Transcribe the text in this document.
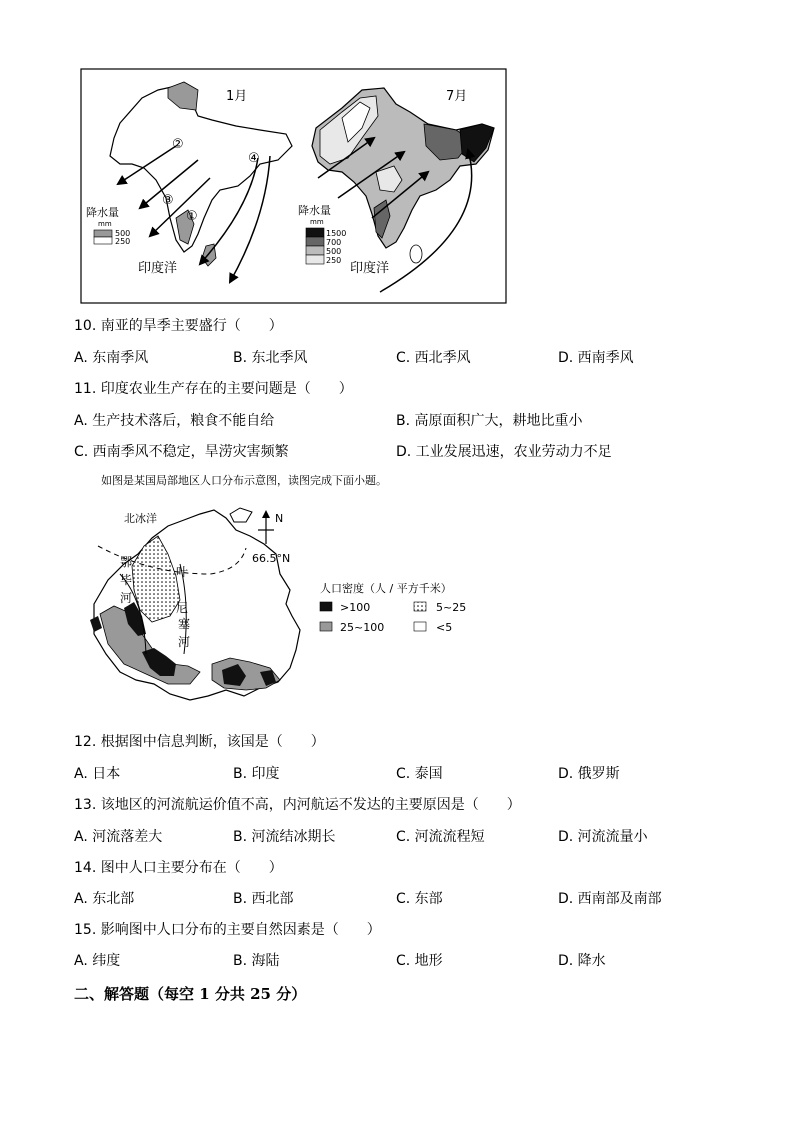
1月
②
④
③
①
降水量
mm
500
250
印度洋
7月
降水量
mm
1500
700
500
250
印度洋
10. 南亚的旱季主要盛行（　　）
A. 东南季风	B. 东北季风	C. 西北季风	D. 西南季风
11. 印度农业生产存在的主要问题是（　　）
A. 生产技术落后，粮食不能自给	B. 高原面积广大，耕地比重小
C. 西南季风不稳定，旱涝灾害频繁	D. 工业发展迅速，农业劳动力不足
如图是某国局部地区人口分布示意图，读图完成下面小题。
北冰洋
鄂
毕
河
叶
尼
塞
河
N
66.5°N
人口密度（人 / 平方千米）
>100	5~25
25~100	<5
12. 根据图中信息判断，该国是（　　）
A. 日本	B. 印度	C. 泰国	D. 俄罗斯
13. 该地区的河流航运价值不高，内河航运不发达的主要原因是（　　）
A. 河流落差大	B. 河流结冰期长	C. 河流流程短	D. 河流流量小
14. 图中人口主要分布在（　　）
A. 东北部	B. 西北部	C. 东部	D. 西南部及南部
15. 影响图中人口分布的主要自然因素是（　　）
A. 纬度	B. 海陆	C. 地形	D. 降水
二、解答题（每空 1 分共 25 分）
